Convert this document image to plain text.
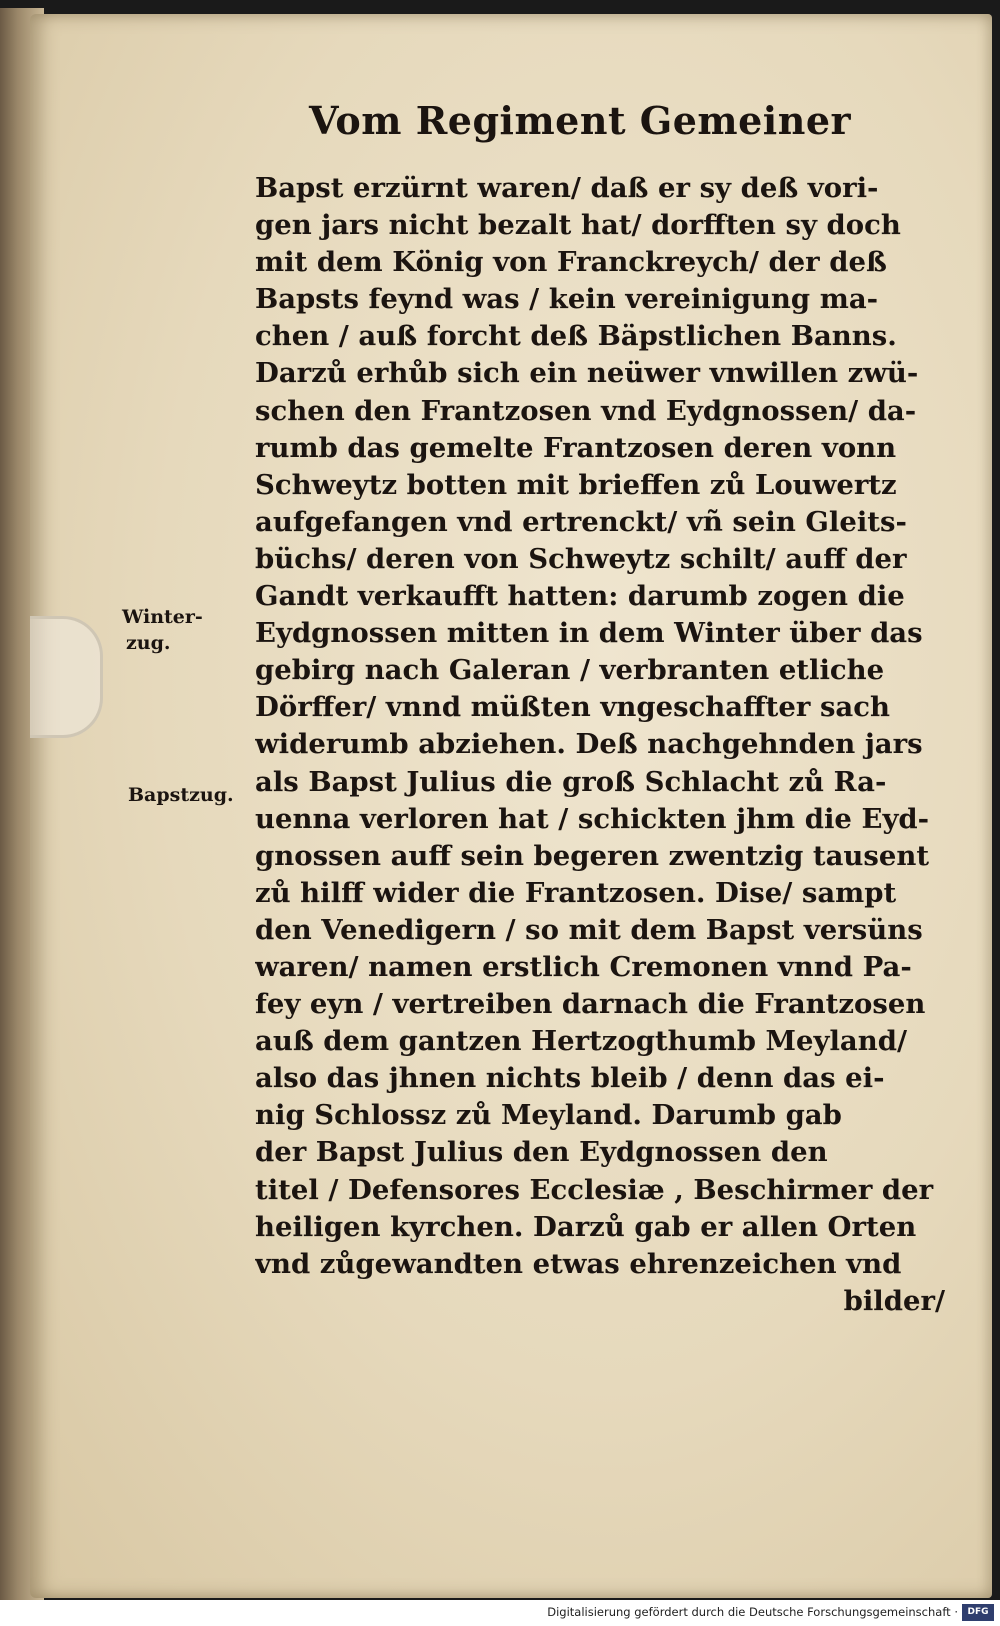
Vom Regiment Gemeiner
Bapst erzürnt waren/ daß er sy deß vori-
gen jars nicht bezalt hat/ dorfften sy doch
mit dem König von Franckreych/ der deß
Bapsts feynd was / kein vereinigung ma-
chen / auß forcht deß Bäpstlichen Banns.
Darzů erhůb sich ein neüwer vnwillen zwü-
schen den Frantzosen vnd Eydgnossen/ da-
rumb das gemelte Frantzosen deren vonn
Schweytz botten mit brieffen zů Louwertz
aufgefangen vnd ertrenckt/ vñ sein Gleits-
büchs/ deren von Schweytz schilt/ auff der
Gandt verkaufft hatten: darumb zogen die
Eydgnossen mitten in dem Winter über das
gebirg nach Galeran / verbranten etliche
Dörffer/ vnnd müßten vngeschaffter sach
widerumb abziehen. Deß nachgehnden jars
als Bapst Julius die groß Schlacht zů Ra-
uenna verloren hat / schickten jhm die Eyd-
gnossen auff sein begeren zwentzig tausent
zů hilff wider die Frantzosen. Dise/ sampt
den Venedigern / so mit dem Bapst versüns
waren/ namen erstlich Cremonen vnnd Pa-
fey eyn / vertreiben darnach die Frantzosen
auß dem gantzen Hertzogthumb Meyland/
also das jhnen nichts bleib / denn das ei-
nig Schlossz zů Meyland. Darumb gab
der Bapst Julius den Eydgnossen den
titel / Defensores Ecclesiæ , Beschirmer der
heiligen kyrchen. Darzů gab er allen Orten
vnd zůgewandten etwas ehrenzeichen vnd
bilder/
Winter-
zug.
Bapstzug.
Digitalisierung gefördert durch die Deutsche Forschungsgemeinschaft ·	DFG
